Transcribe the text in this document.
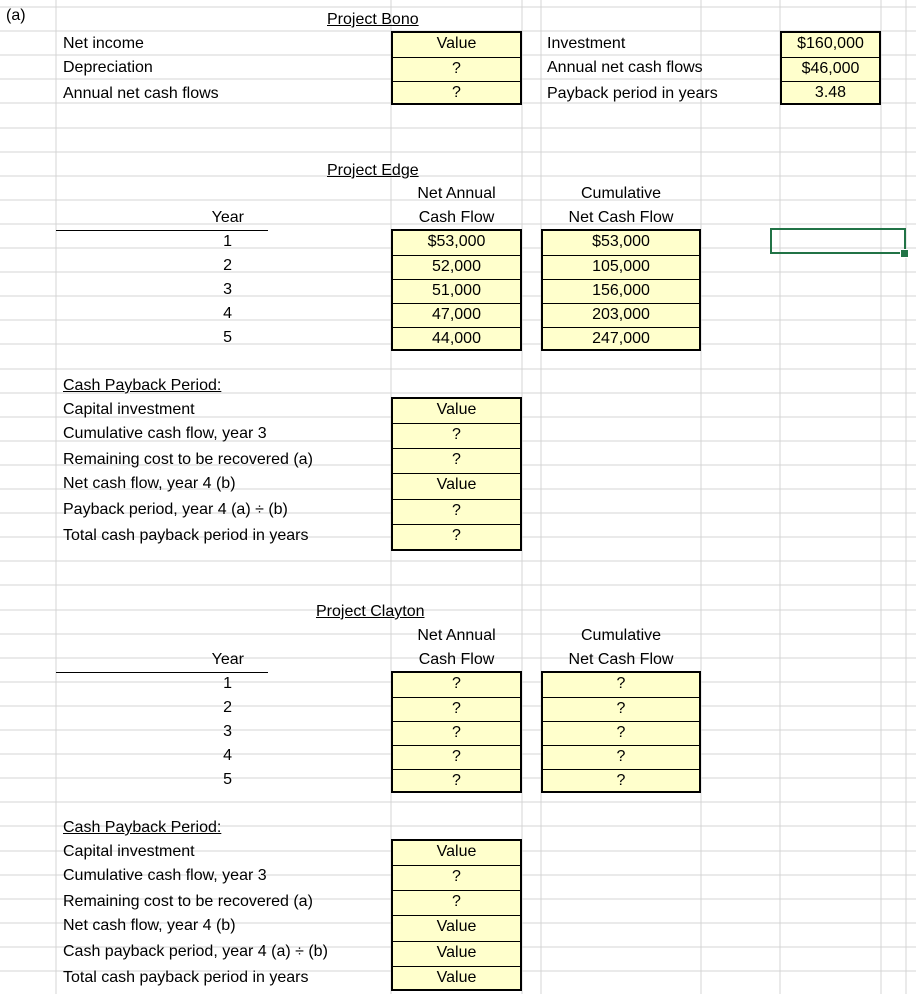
(a)	Project Bono
Net income
Depreciation
Annual net cash flows
Value
?
?
Investment
Annual net cash flows
Payback period in years
$160,000
$46,000
3.48
Project Edge
Net Annual
Cash Flow
Cumulative
Net Cash Flow
Year
1
2
3
4
5
$53,000
52,000
51,000
47,000
44,000
$53,000
105,000
156,000
203,000
247,000
Cash Payback Period:
Capital investment
Cumulative cash flow, year 3
Remaining cost to be recovered (a)
Net cash flow, year 4 (b)
Payback period, year 4 (a) ÷ (b)
Total cash payback period in years
Value
?
?
Value
?
?
Project Clayton
Net Annual
Cash Flow
Cumulative
Net Cash Flow
Year
1
2
3
4
5
?
?
?
?
?
?
?
?
?
?
Cash Payback Period:
Capital investment
Cumulative cash flow, year 3
Remaining cost to be recovered (a)
Net cash flow, year 4 (b)
Cash payback period, year 4 (a) ÷ (b)
Total cash payback period in years
Value
?
?
Value
Value
Value
